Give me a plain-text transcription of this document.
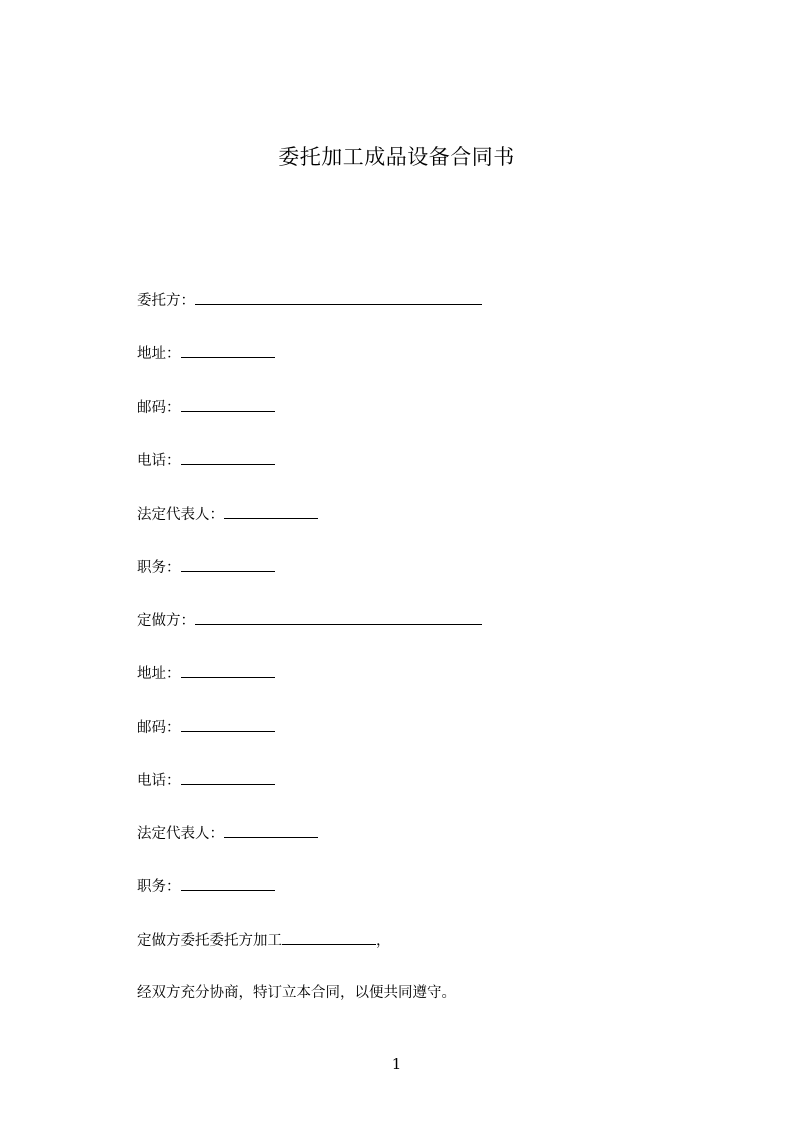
委托加工成品设备合同书
委托方：
地址：
邮码：
电话：
法定代表人：
职务：
定做方：
地址：
邮码：
电话：
法定代表人：
职务：
定做方委托委托方加工	，
经双方充分协商，特订立本合同，以便共同遵守。
1
